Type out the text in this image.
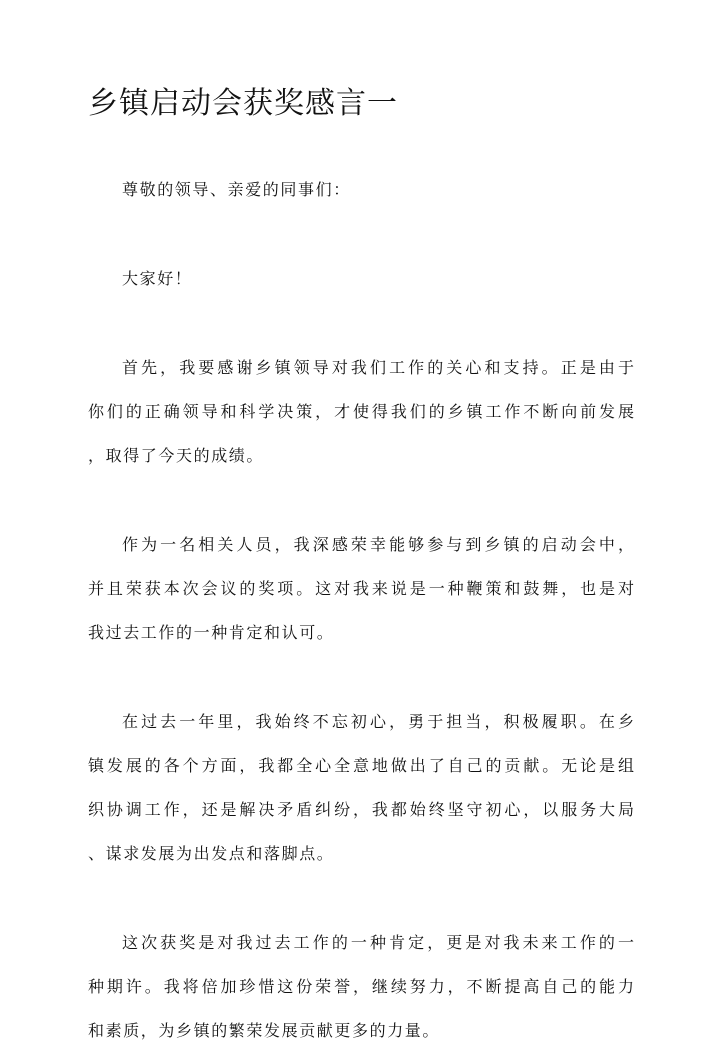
乡镇启动会获奖感言一
尊敬的领导、亲爱的同事们：
大家好！
首先，我要感谢乡镇领导对我们工作的关心和支持。正是由于
你们的正确领导和科学决策，才使得我们的乡镇工作不断向前发展
，取得了今天的成绩。
作为一名相关人员，我深感荣幸能够参与到乡镇的启动会中，
并且荣获本次会议的奖项。这对我来说是一种鞭策和鼓舞，也是对
我过去工作的一种肯定和认可。
在过去一年里，我始终不忘初心，勇于担当，积极履职。在乡
镇发展的各个方面，我都全心全意地做出了自己的贡献。无论是组
织协调工作，还是解决矛盾纠纷，我都始终坚守初心，以服务大局
、谋求发展为出发点和落脚点。
这次获奖是对我过去工作的一种肯定，更是对我未来工作的一
种期许。我将倍加珍惜这份荣誉，继续努力，不断提高自己的能力
和素质，为乡镇的繁荣发展贡献更多的力量。
